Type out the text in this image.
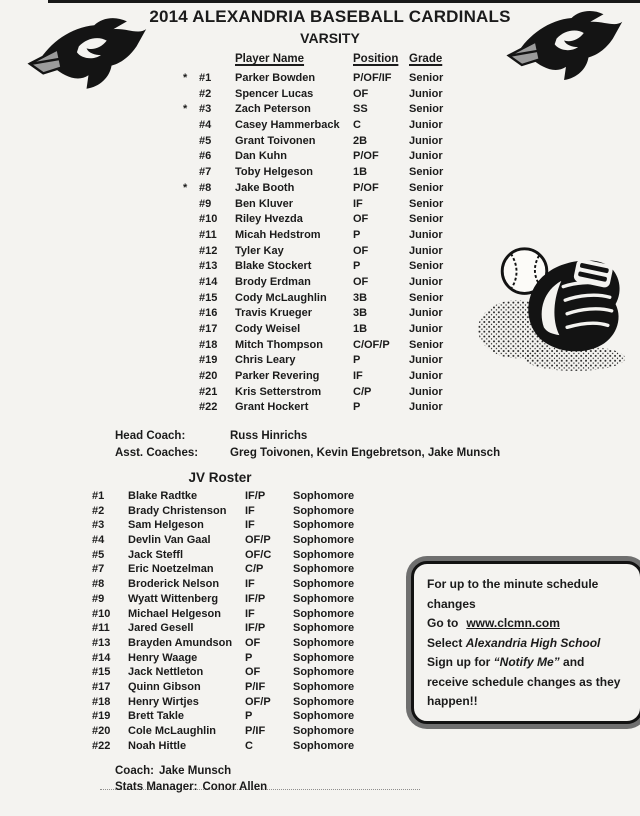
2014 ALEXANDRIA BASEBALL CARDINALS
VARSITY
Player Name	Position Grade
*	#1	Parker Bowden	P/OF/IF	Senior
#2	Spencer Lucas	OF	Junior
*	#3	Zach Peterson	SS	Senior
#4	Casey Hammerback	C	Junior
#5	Grant Toivonen	2B	Junior
#6	Dan Kuhn	P/OF	Junior
#7	Toby Helgeson	1B	Senior
*	#8	Jake Booth	P/OF	Senior
#9	Ben Kluver	IF	Senior
#10	Riley Hvezda	OF	Senior
#11	Micah Hedstrom	P	Junior
#12	Tyler Kay	OF	Junior
#13	Blake Stockert	P	Senior
#14	Brody Erdman	OF	Junior
#15	Cody McLaughlin	3B	Senior
#16	Travis Krueger	3B	Junior
#17	Cody Weisel	1B	Junior
#18	Mitch Thompson	C/OF/P	Senior
#19	Chris Leary	P	Junior
#20	Parker Revering	IF	Junior
#21	Kris Setterstrom	C/P	Junior
#22	Grant Hockert	P	Junior
Head Coach:	Russ Hinrichs
Asst. Coaches:	Greg Toivonen, Kevin Engebretson, Jake Munsch
JV Roster
#1	Blake Radtke	IF/P	Sophomore
#2	Brady Christenson	IF	Sophomore
#3	Sam Helgeson	IF	Sophomore
#4	Devlin Van Gaal	OF/P	Sophomore
#5	Jack Steffl	OF/C	Sophomore
#7	Eric Noetzelman	C/P	Sophomore
#8	Broderick Nelson	IF	Sophomore
#9	Wyatt Wittenberg	IF/P	Sophomore
#10	Michael Helgeson	IF	Sophomore
#11	Jared Gesell	IF/P	Sophomore
#13	Brayden Amundson	OF	Sophomore
#14	Henry Waage	P	Sophomore
#15	Jack Nettleton	OF	Sophomore
#17	Quinn Gibson	P/IF	Sophomore
#18	Henry Wirtjes	OF/P	Sophomore
#19	Brett Takle	P	Sophomore
#20	Cole McLaughlin	P/IF	Sophomore
#22	Noah Hittle	C	Sophomore
Coach: Jake Munsch
Stats Manager: Conor Allen
For up to the minute schedule
changes
Go to www.clcmn.com
Select Alexandria High School
Sign up for “Notify Me” and
receive schedule changes as they
happen!!
